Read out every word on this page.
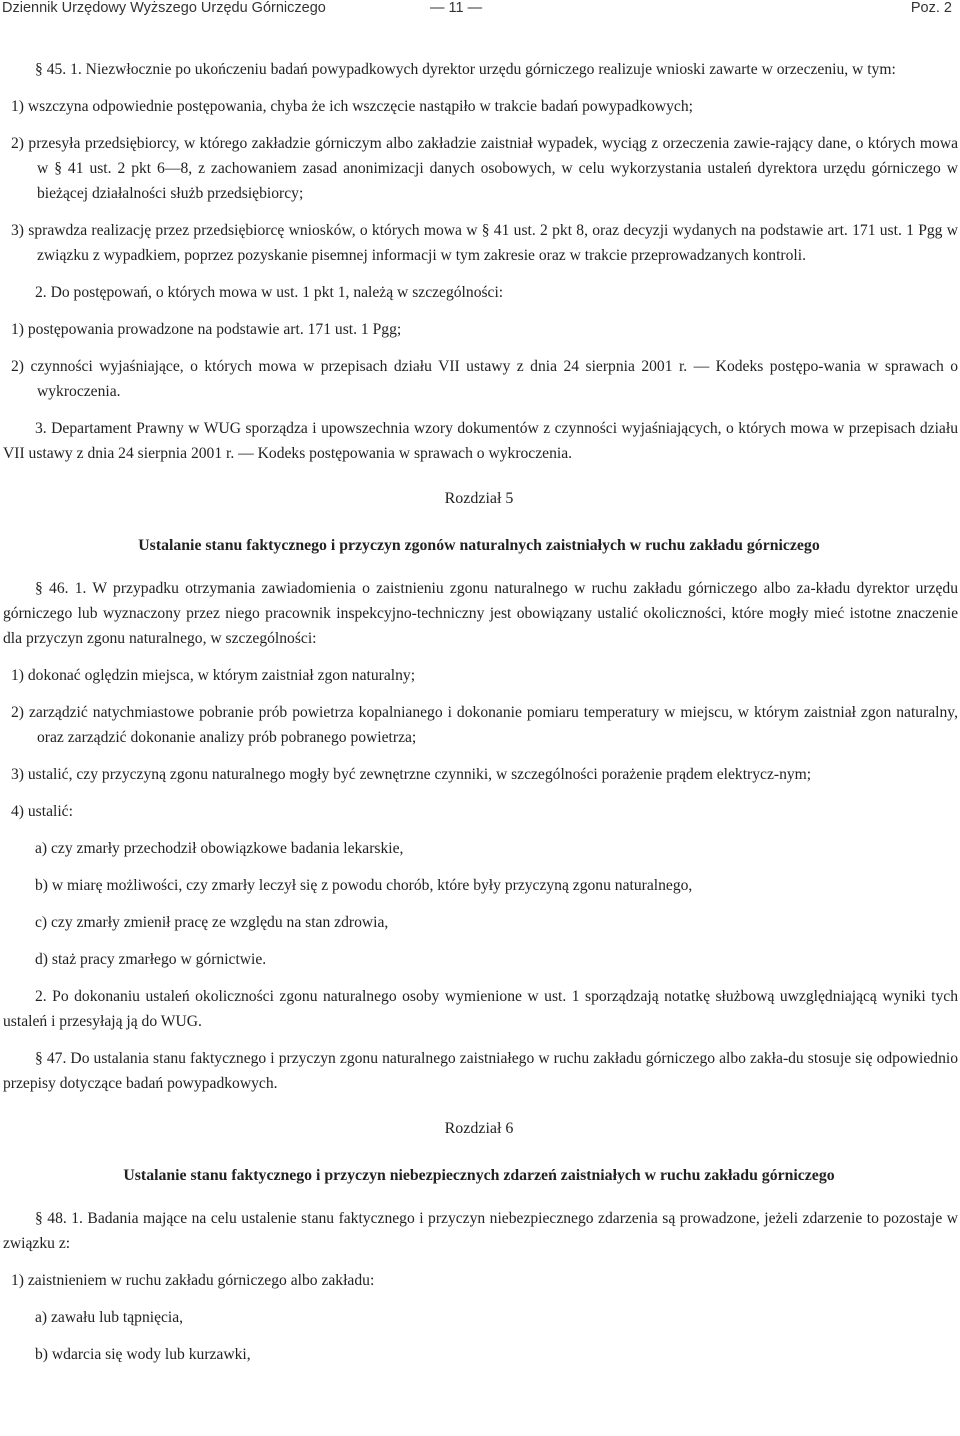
Dziennik Urzędowy Wyższego Urzędu Górniczego	— 11 —	Poz. 2

§ 45. 1. Niezwłocznie po ukończeniu badań powypadkowych dyrektor urzędu górniczego realizuje wnioski zawarte w orzeczeniu, w tym:

1) wszczyna odpowiednie postępowania, chyba że ich wszczęcie nastąpiło w trakcie badań powypadkowych;

2) przesyła przedsiębiorcy, w którego zakładzie górniczym albo zakładzie zaistniał wypadek, wyciąg z orzeczenia zawie-rający dane, o których mowa w § 41 ust. 2 pkt 6—8, z zachowaniem zasad anonimizacji danych osobowych, w celu wykorzystania ustaleń dyrektora urzędu górniczego w bieżącej działalności służb przedsiębiorcy;

3) sprawdza realizację przez przedsiębiorcę wniosków, o których mowa w § 41 ust. 2 pkt 8, oraz decyzji wydanych na podstawie art. 171 ust. 1 Pgg w związku z wypadkiem, poprzez pozyskanie pisemnej informacji w tym zakresie oraz w trakcie przeprowadzanych kontroli.

2. Do postępowań, o których mowa w ust. 1 pkt 1, należą w szczególności:

1) postępowania prowadzone na podstawie art. 171 ust. 1 Pgg;

2) czynności wyjaśniające, o których mowa w przepisach działu VII ustawy z dnia 24 sierpnia 2001 r. — Kodeks postępo-wania w sprawach o wykroczenia.

3. Departament Prawny w WUG sporządza i upowszechnia wzory dokumentów z czynności wyjaśniających, o których mowa w przepisach działu VII ustawy z dnia 24 sierpnia 2001 r. — Kodeks postępowania w sprawach o wykroczenia.

Rozdział 5

Ustalanie stanu faktycznego i przyczyn zgonów naturalnych zaistniałych w ruchu zakładu górniczego

§ 46. 1. W przypadku otrzymania zawiadomienia o zaistnieniu zgonu naturalnego w ruchu zakładu górniczego albo za-kładu dyrektor urzędu górniczego lub wyznaczony przez niego pracownik inspekcyjno-techniczny jest obowiązany ustalić okoliczności, które mogły mieć istotne znaczenie dla przyczyn zgonu naturalnego, w szczególności:

1) dokonać oględzin miejsca, w którym zaistniał zgon naturalny;

2) zarządzić natychmiastowe pobranie prób powietrza kopalnianego i dokonanie pomiaru temperatury w miejscu, w którym zaistniał zgon naturalny, oraz zarządzić dokonanie analizy prób pobranego powietrza;

3) ustalić, czy przyczyną zgonu naturalnego mogły być zewnętrzne czynniki, w szczególności porażenie prądem elektrycz-nym;

4) ustalić:

a) czy zmarły przechodził obowiązkowe badania lekarskie,

b) w miarę możliwości, czy zmarły leczył się z powodu chorób, które były przyczyną zgonu naturalnego,

c) czy zmarły zmienił pracę ze względu na stan zdrowia,

d) staż pracy zmarłego w górnictwie.

2. Po dokonaniu ustaleń okoliczności zgonu naturalnego osoby wymienione w ust. 1 sporządzają notatkę służbową uwzględniającą wyniki tych ustaleń i przesyłają ją do WUG.

§ 47. Do ustalania stanu faktycznego i przyczyn zgonu naturalnego zaistniałego w ruchu zakładu górniczego albo zakła-du stosuje się odpowiednio przepisy dotyczące badań powypadkowych.

Rozdział 6

Ustalanie stanu faktycznego i przyczyn niebezpiecznych zdarzeń zaistniałych w ruchu zakładu górniczego

§ 48. 1. Badania mające na celu ustalenie stanu faktycznego i przyczyn niebezpiecznego zdarzenia są prowadzone, jeżeli zdarzenie to pozostaje w związku z:

1) zaistnieniem w ruchu zakładu górniczego albo zakładu:

a) zawału lub tąpnięcia,

b) wdarcia się wody lub kurzawki,
